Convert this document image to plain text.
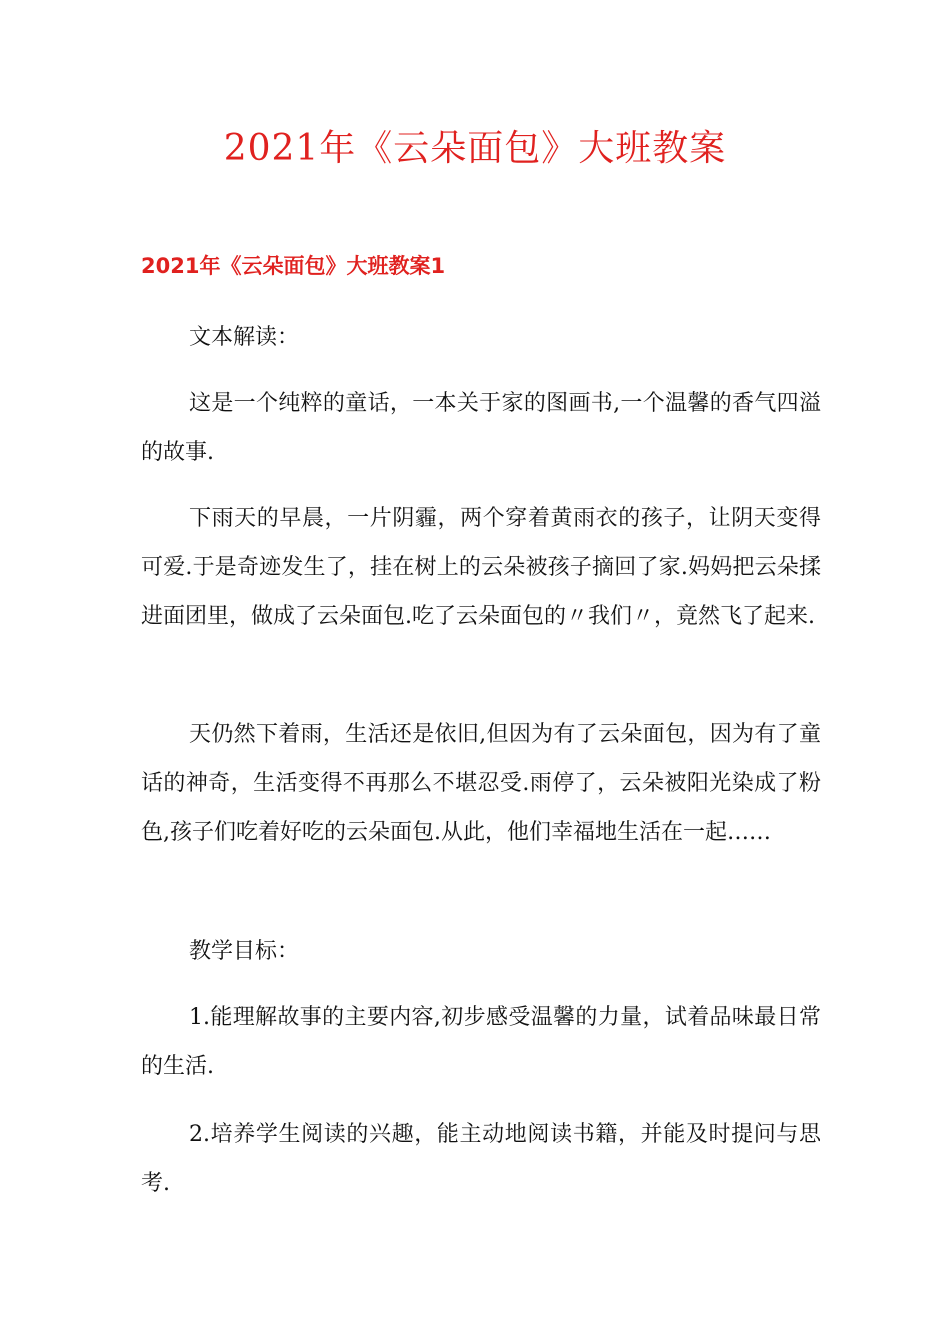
2021年《云朵面包》大班教案
2021年《云朵面包》大班教案1

文本解读：

这是一个纯粹的童话，一本关于家的图画书,一个温馨的香气四溢的故事.

下雨天的早晨，一片阴霾，两个穿着黄雨衣的孩子，让阴天变得可爱.于是奇迹发生了，挂在树上的云朵被孩子摘回了家.妈妈把云朵揉进面团里，做成了云朵面包.吃了云朵面包的〃我们〃，竟然飞了起来.

天仍然下着雨，生活还是依旧,但因为有了云朵面包，因为有了童话的神奇，生活变得不再那么不堪忍受.雨停了，云朵被阳光染成了粉色,孩子们吃着好吃的云朵面包.从此，他们幸福地生活在一起……

教学目标：

1.能理解故事的主要内容,初步感受温馨的力量，试着品味最日常的生活.

2.培养学生阅读的兴趣，能主动地阅读书籍，并能及时提问与思考.
